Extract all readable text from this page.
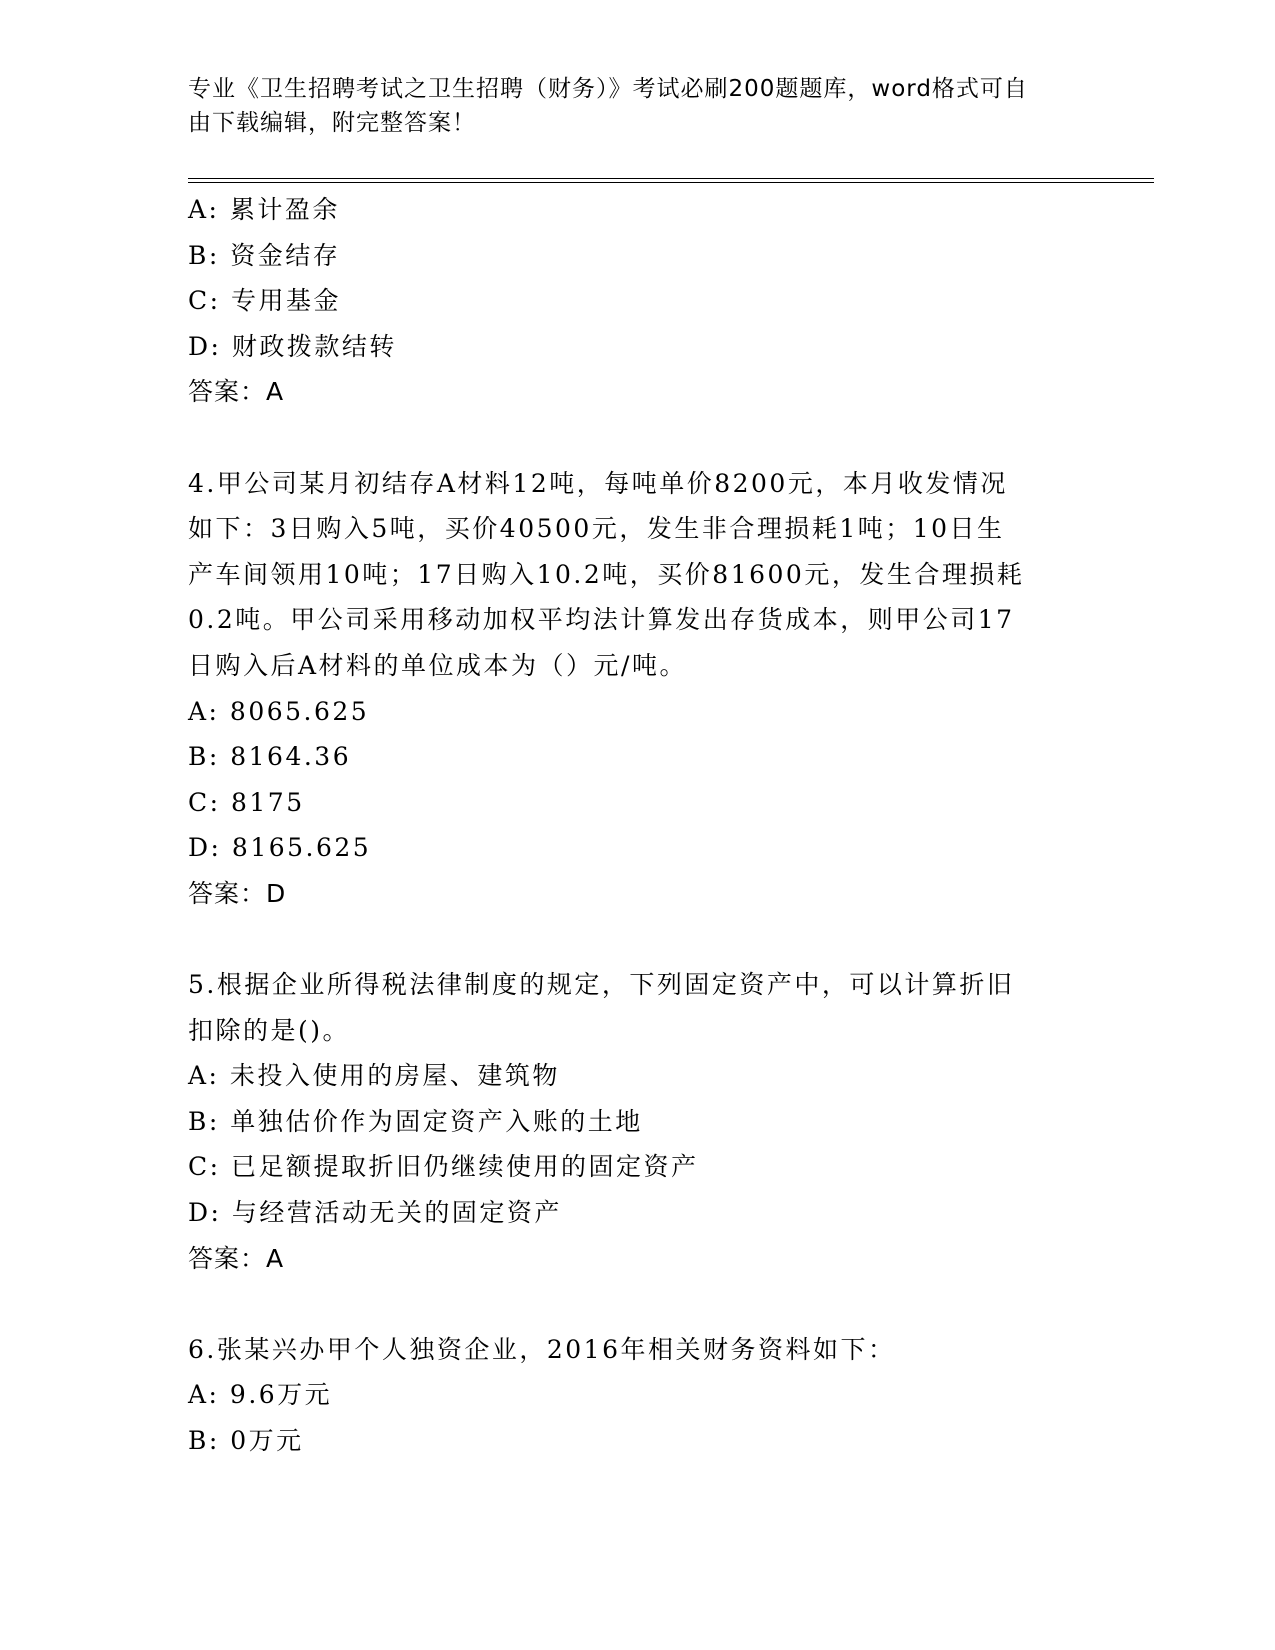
专业《卫生招聘考试之卫生招聘（财务）》考试必刷200题题库，word格式可自
由下载编辑，附完整答案！
A: 累计盈余
B: 资金结存
C: 专用基金
D: 财政拨款结转
答案：A
4.甲公司某月初结存A材料12吨，每吨单价8200元，本月收发情况
如下：3日购入5吨，买价40500元，发生非合理损耗1吨；10日生
产车间领用10吨；17日购入10.2吨，买价81600元，发生合理损耗
0.2吨。甲公司采用移动加权平均法计算发出存货成本，则甲公司17
日购入后A材料的单位成本为（）元/吨。
A: 8065.625
B: 8164.36
C: 8175
D: 8165.625
答案：D
5.根据企业所得税法律制度的规定，下列固定资产中，可以计算折旧
扣除的是()。
A: 未投入使用的房屋、建筑物
B: 单独估价作为固定资产入账的土地
C: 已足额提取折旧仍继续使用的固定资产
D: 与经营活动无关的固定资产
答案：A
6.张某兴办甲个人独资企业，2016年相关财务资料如下：
A: 9.6万元
B: 0万元
